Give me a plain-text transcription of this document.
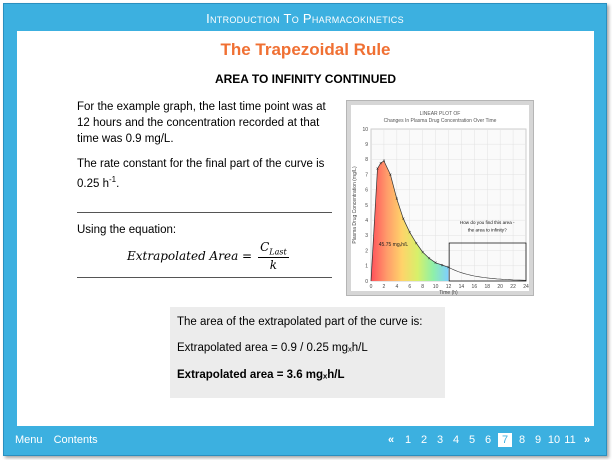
Introduction To Pharmacokinetics
The Trapezoidal Rule
AREA TO INFINITY CONTINUED
For the example graph, the last time point was at 12 hours and the concentration recorded at that time was 0.9 mg/L.
The rate constant for the final part of the curve is 0.25 $h^{-1}$.
Using the equation:
Extrapolated Area = $\frac{C_{Last}}{k}$
LINEAR PLOT OF
Changes In Plasma Drug Concentration Over Time
0 2 4 6 8 10 12 14 16 18 20 22 24
0
1
2
3
4
5
6
7
8
9
10
×
× ×
×
×
×
×
×
×
×
× × ×
45.75 mgₓh/L
How do you find this area -
the area to infinity?
Time (h)
Plasma Drug Concentration (mg/L)
The area of the extrapolated part of the curve is:
Extrapolated area = 0.9 / 0.25 mgₓh/L
Extrapolated area = 3.6 mgₓh/L
Menu Contents	« 1 2 3 4 5 6 7 8 9 10 11 »
